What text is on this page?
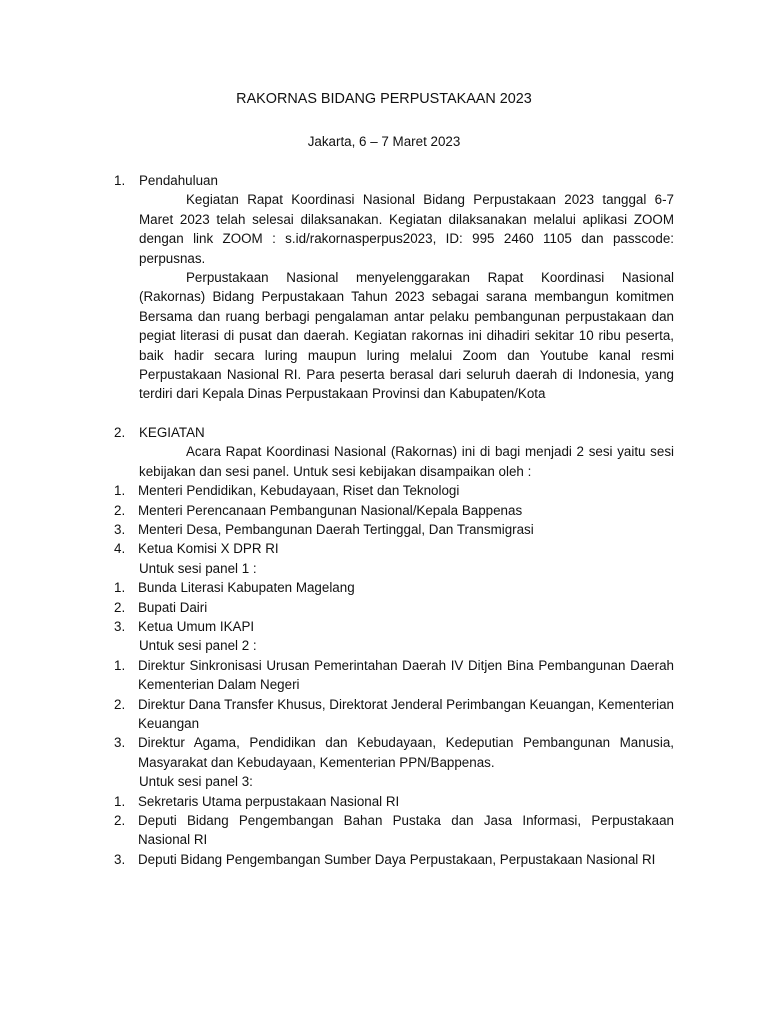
RAKORNAS BIDANG PERPUSTAKAAN 2023
Jakarta, 6 – 7 Maret 2023
1. Pendahuluan
Kegiatan Rapat Koordinasi Nasional Bidang Perpustakaan 2023 tanggal 6-7 Maret 2023 telah selesai dilaksanakan. Kegiatan dilaksanakan melalui aplikasi ZOOM dengan link ZOOM : s.id/rakornasperpus2023, ID: 995 2460 1105 dan passcode: perpusnas.
Perpustakaan Nasional menyelenggarakan Rapat Koordinasi Nasional (Rakornas) Bidang Perpustakaan Tahun 2023 sebagai sarana membangun komitmen Bersama dan ruang berbagi pengalaman antar pelaku pembangunan perpustakaan dan pegiat literasi di pusat dan daerah. Kegiatan rakornas ini dihadiri sekitar 10 ribu peserta, baik hadir secara luring maupun luring melalui Zoom dan Youtube kanal resmi Perpustakaan Nasional RI. Para peserta berasal dari seluruh daerah di Indonesia, yang terdiri dari Kepala Dinas Perpustakaan Provinsi dan Kabupaten/Kota
2. KEGIATAN
Acara Rapat Koordinasi Nasional (Rakornas) ini di bagi menjadi 2 sesi yaitu sesi kebijakan dan sesi panel. Untuk sesi kebijakan disampaikan oleh :
1. Menteri Pendidikan, Kebudayaan, Riset dan Teknologi
2. Menteri Perencanaan Pembangunan Nasional/Kepala Bappenas
3. Menteri Desa, Pembangunan Daerah Tertinggal, Dan Transmigrasi
4. Ketua Komisi X DPR RI
Untuk sesi panel 1 :
1. Bunda Literasi Kabupaten Magelang
2. Bupati Dairi
3. Ketua Umum IKAPI
Untuk sesi panel 2 :
1. Direktur Sinkronisasi Urusan Pemerintahan Daerah IV Ditjen Bina Pembangunan Daerah Kementerian Dalam Negeri
2. Direktur Dana Transfer Khusus, Direktorat Jenderal Perimbangan Keuangan, Kementerian Keuangan
3. Direktur Agama, Pendidikan dan Kebudayaan, Kedeputian Pembangunan Manusia, Masyarakat dan Kebudayaan, Kementerian PPN/Bappenas.
Untuk sesi panel 3:
1. Sekretaris Utama perpustakaan Nasional RI
2. Deputi Bidang Pengembangan Bahan Pustaka dan Jasa Informasi, Perpustakaan Nasional RI
3. Deputi Bidang Pengembangan Sumber Daya Perpustakaan, Perpustakaan Nasional RI
